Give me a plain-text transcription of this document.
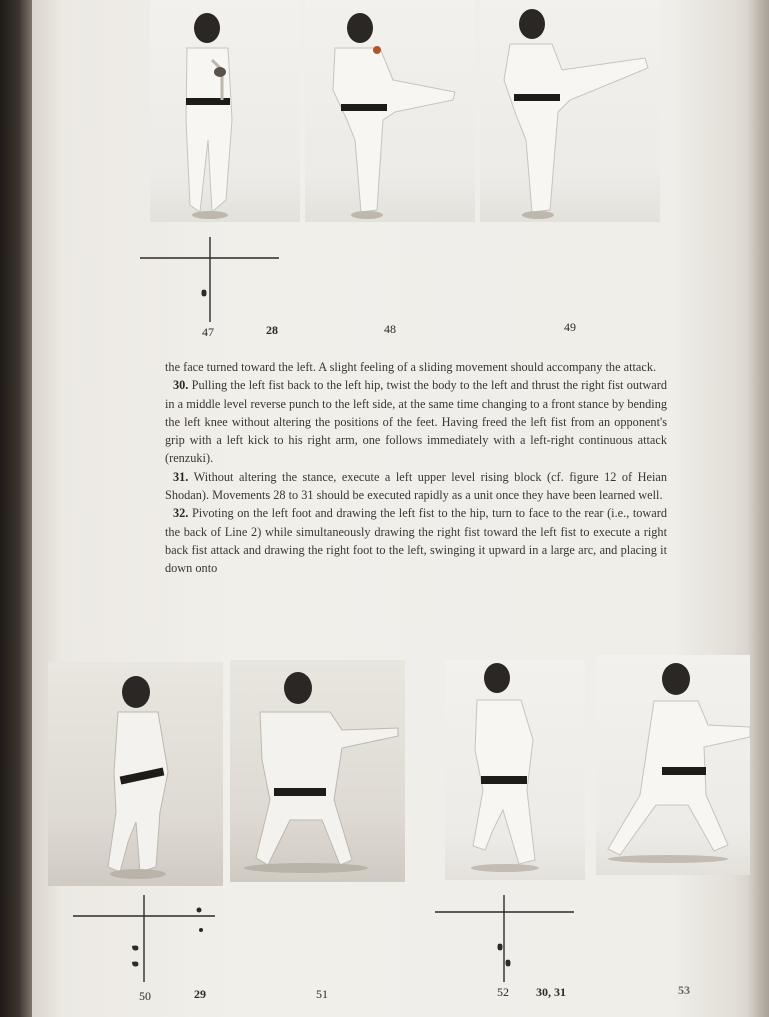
47	28	48	49

the face turned toward the left. A slight feeling of a sliding movement should accompany the attack.

30. Pulling the left fist back to the left hip, twist the body to the left and thrust the right fist outward in a middle level reverse punch to the left side, at the same time changing to a front stance by bending the left knee without altering the positions of the feet. Having freed the left fist from an opponent's grip with a left kick to his right arm, one follows immediately with a left-right continuous attack (renzuki).

31. Without altering the stance, execute a left upper level rising block (cf. figure 12 of Heian Shodan). Movements 28 to 31 should be executed rapidly as a unit once they have been learned well.

32. Pivoting on the left foot and drawing the left fist to the hip, turn to face to the rear (i.e., toward the back of Line 2) while simultaneously drawing the right fist toward the left fist to execute a right back fist attack and drawing the right foot to the left, swinging it upward in a large arc, and placing it down onto

50	29	51	52 30, 31	53
